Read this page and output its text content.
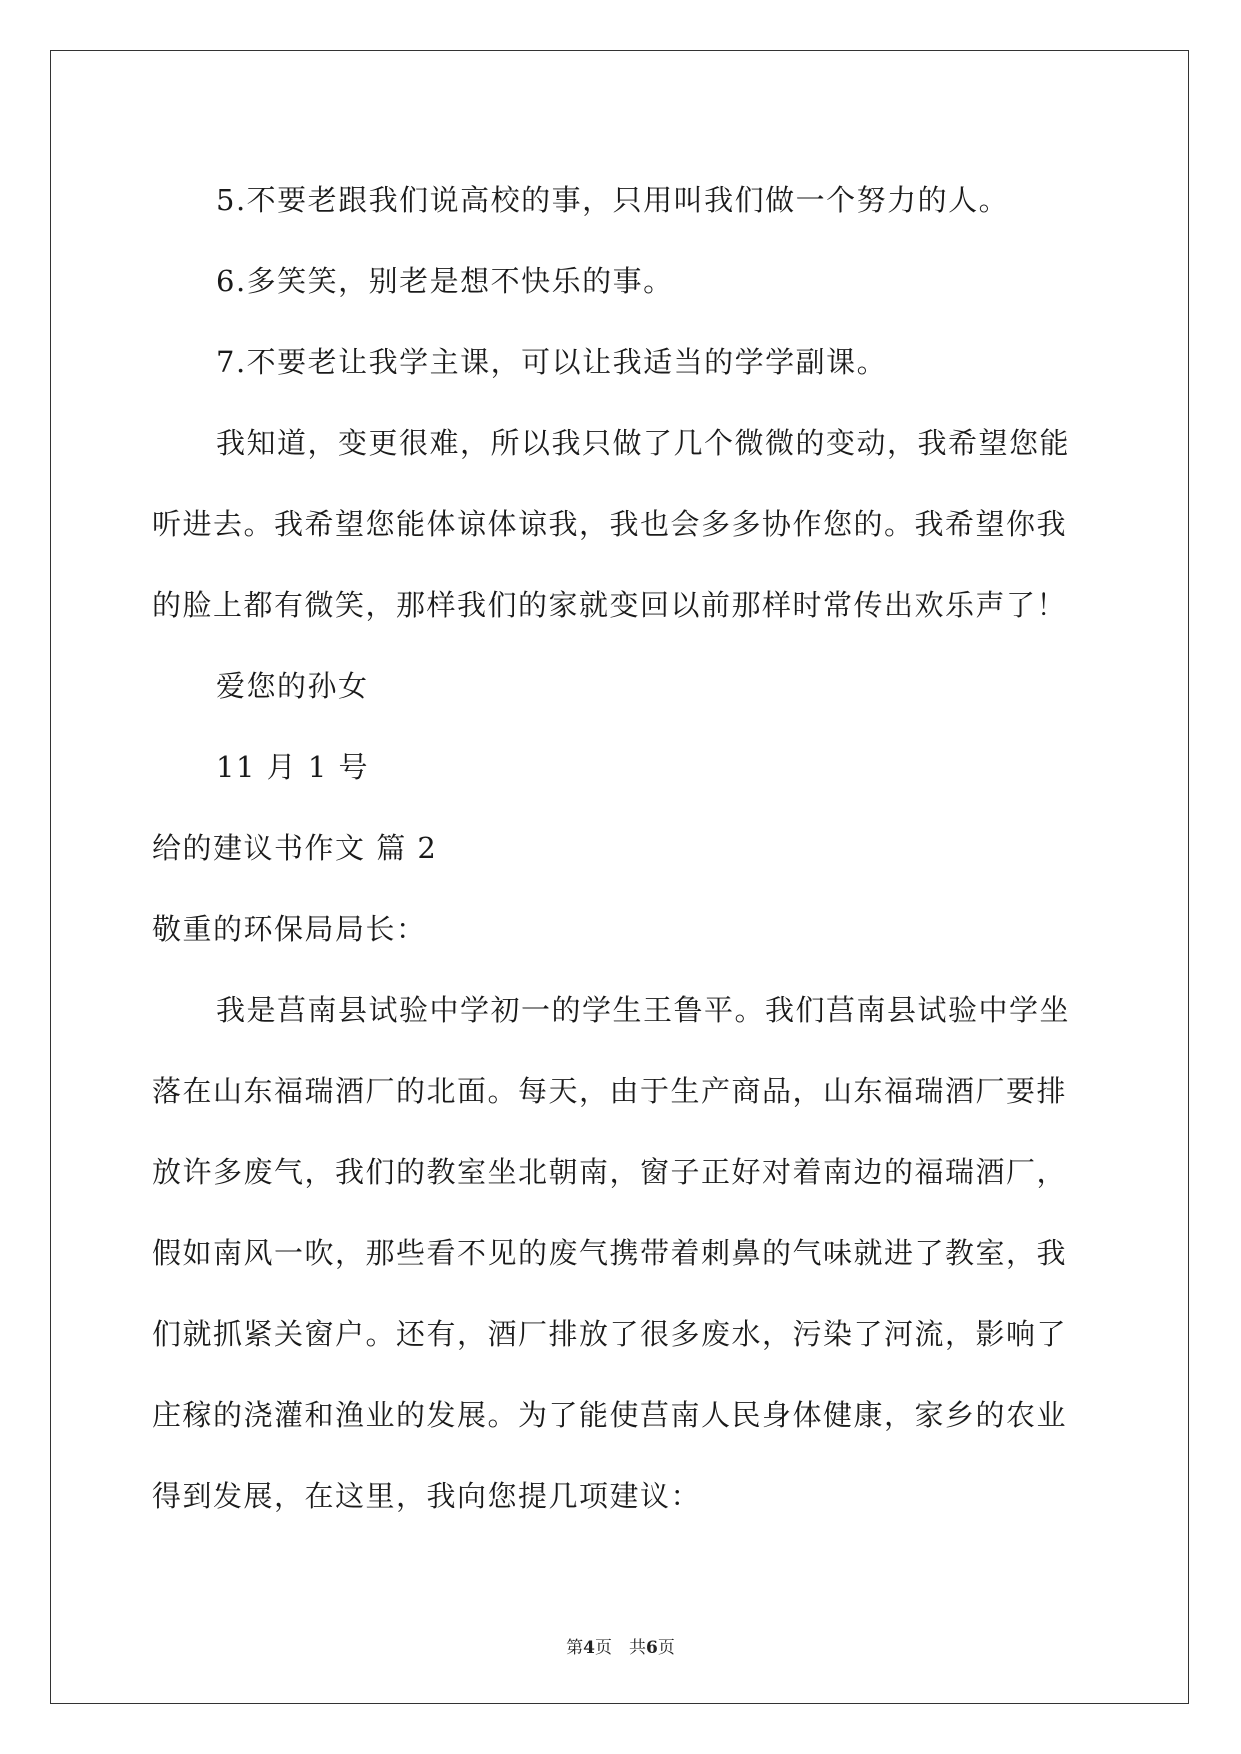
5.不要老跟我们说高校的事，只用叫我们做一个努力的人。
6.多笑笑，别老是想不快乐的事。
7.不要老让我学主课，可以让我适当的学学副课。
我知道，变更很难，所以我只做了几个微微的变动，我希望您能
听进去。我希望您能体谅体谅我，我也会多多协作您的。我希望你我
的脸上都有微笑，那样我们的家就变回以前那样时常传出欢乐声了！
爱您的孙女
11 月 1 号
给的建议书作文 篇 2
敬重的环保局局长：
我是莒南县试验中学初一的学生王鲁平。我们莒南县试验中学坐
落在山东福瑞酒厂的北面。每天，由于生产商品，山东福瑞酒厂要排
放许多废气，我们的教室坐北朝南，窗子正好对着南边的福瑞酒厂，
假如南风一吹，那些看不见的废气携带着刺鼻的气味就进了教室，我
们就抓紧关窗户。还有，酒厂排放了很多废水，污染了河流，影响了
庄稼的浇灌和渔业的发展。为了能使莒南人民身体健康，家乡的农业
得到发展，在这里，我向您提几项建议：
第4页　共6页
